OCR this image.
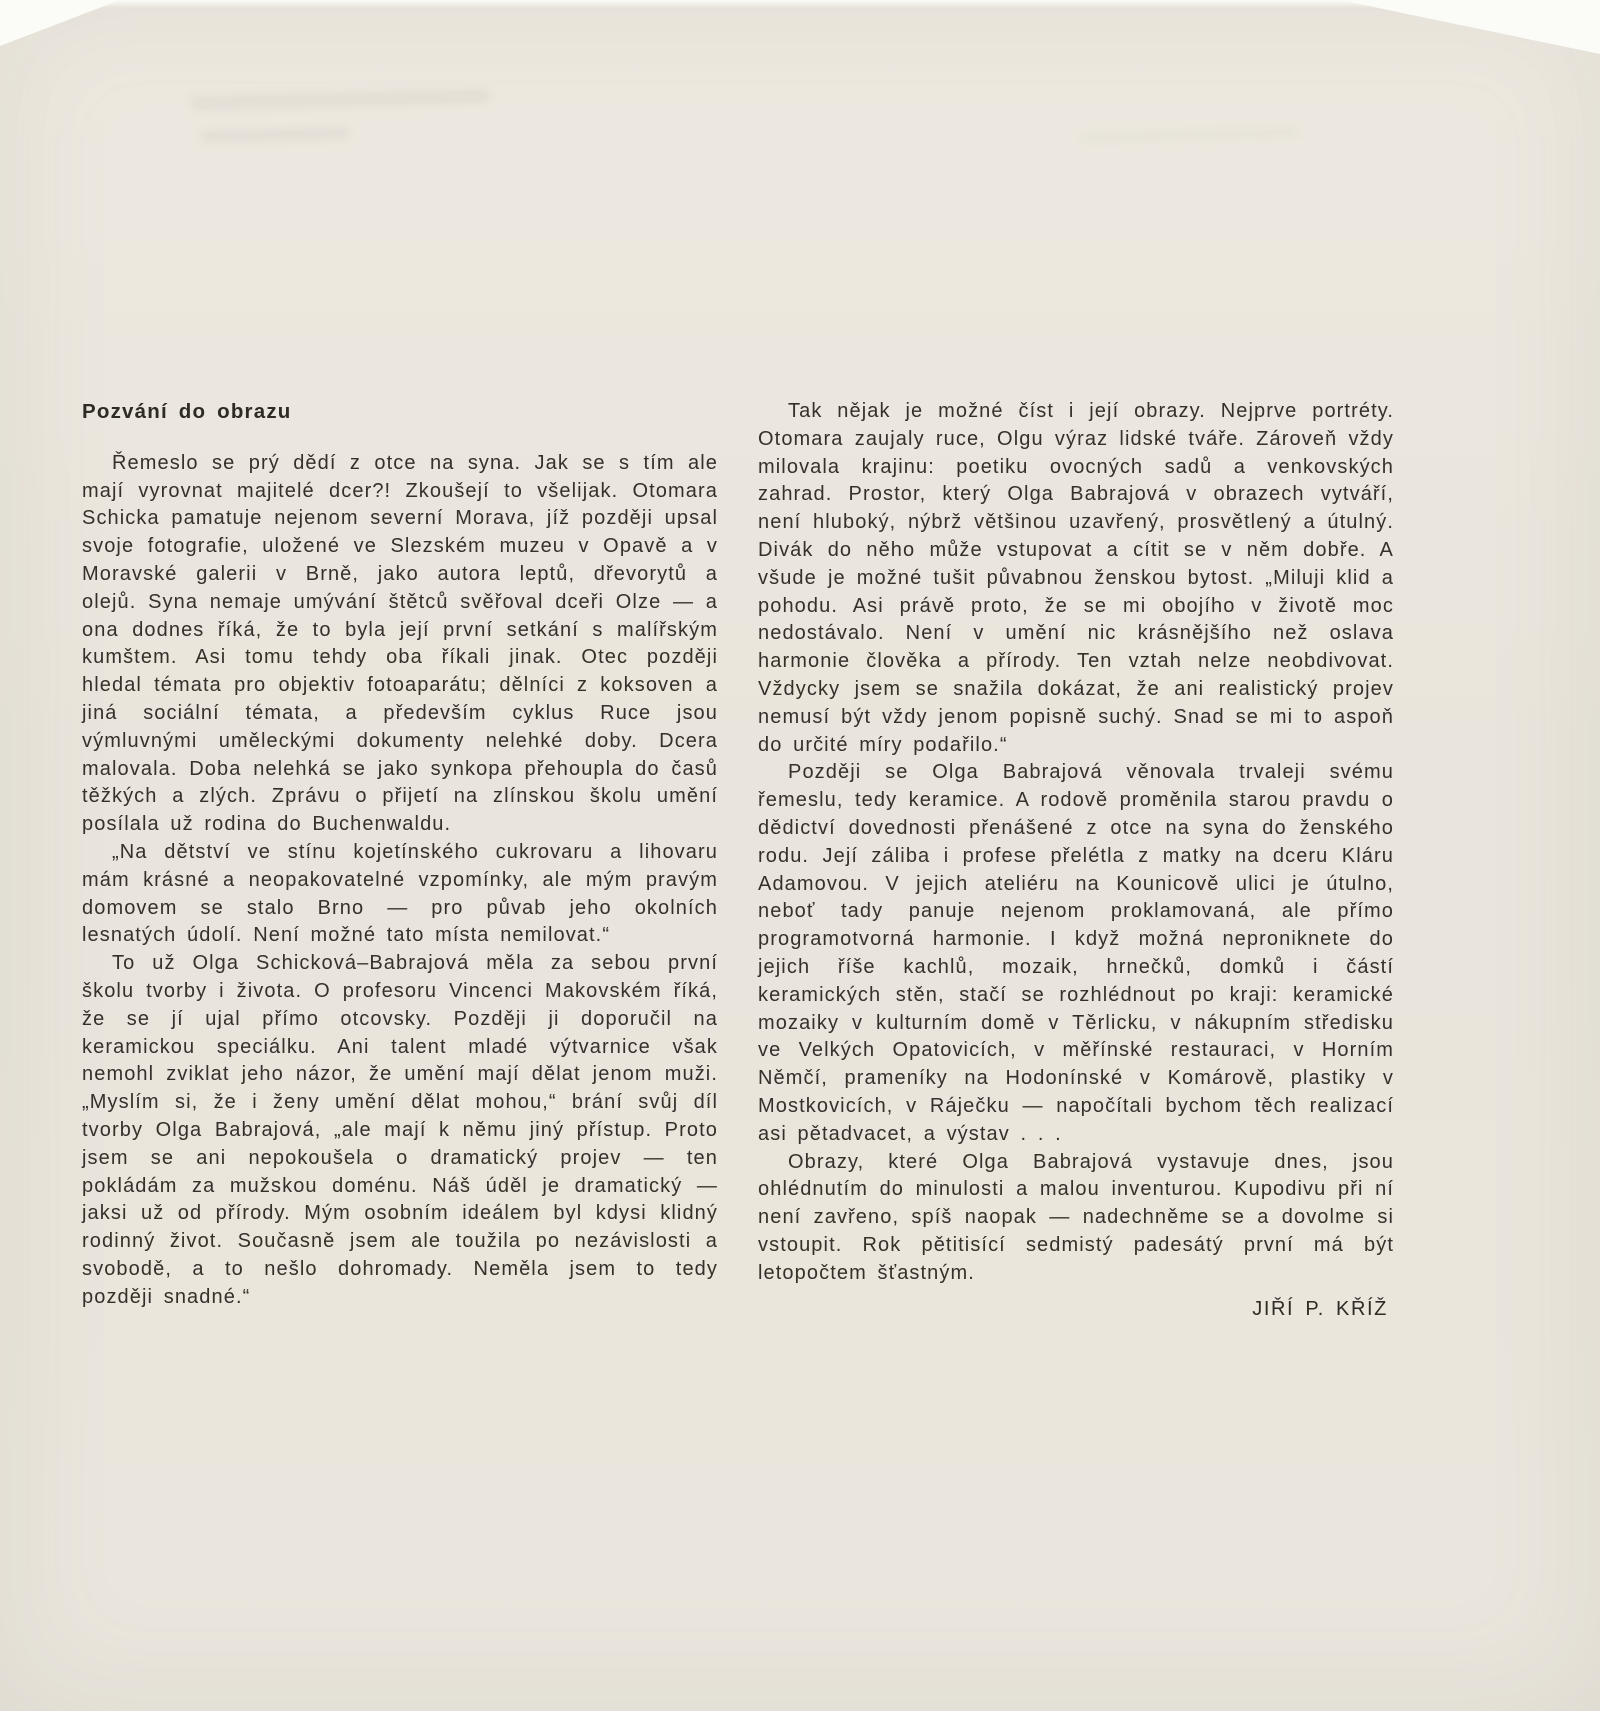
Pozvání do obrazu

Řemeslo se prý dědí z otce na syna. Jak se s tím ale mají vyrovnat majitelé dcer?! Zkoušejí to všelijak. Otomara Schicka pamatuje nejenom severní Morava, jíž později upsal svoje fotografie, uložené ve Slezském muzeu v Opavě a v Moravské galerii v Brně, jako autora leptů, dřevorytů a olejů. Syna nemaje umývání štětců svěřoval dceři Olze — a ona dodnes říká, že to byla její první setkání s malířským kumštem. Asi tomu tehdy oba říkali jinak. Otec později hledal témata pro objektiv fotoaparátu; dělníci z koksoven a jiná sociální témata, a především cyklus Ruce jsou výmluvnými uměleckými dokumenty nelehké doby. Dcera malovala. Doba nelehká se jako synkopa přehoupla do časů těžkých a zlých. Zprávu o přijetí na zlínskou školu umění posílala už rodina do Buchenwaldu.

„Na dětství ve stínu kojetínského cukrovaru a lihovaru mám krásné a neopakovatelné vzpomínky, ale mým pravým domovem se stalo Brno — pro půvab jeho okolních lesnatých údolí. Není možné tato místa nemilovat.“

To už Olga Schicková–Babrajová měla za sebou první školu tvorby i života. O profesoru Vincenci Makovském říká, že se jí ujal přímo otcovsky. Později ji doporučil na keramickou speciálku. Ani talent mladé výtvarnice však nemohl zviklat jeho názor, že umění mají dělat jenom muži. „Myslím si, že i ženy umění dělat mohou,“ brání svůj díl tvorby Olga Babrajová, „ale mají k němu jiný přístup. Proto jsem se ani nepokoušela o dramatický projev — ten pokládám za mužskou doménu. Náš úděl je dramatický — jaksi už od přírody. Mým osobním ideálem byl kdysi klidný rodinný život. Současně jsem ale toužila po nezávislosti a svobodě, a to nešlo dohromady. Neměla jsem to tedy později snadné.“

Tak nějak je možné číst i její obrazy. Nejprve portréty. Otomara zaujaly ruce, Olgu výraz lidské tváře. Zároveň vždy milovala krajinu: poetiku ovocných sadů a venkovských zahrad. Prostor, který Olga Babrajová v obrazech vytváří, není hluboký, nýbrž většinou uzavřený, prosvětlený a útulný. Divák do něho může vstupovat a cítit se v něm dobře. A všude je možné tušit půvabnou ženskou bytost. „Miluji klid a pohodu. Asi právě proto, že se mi obojího v životě moc nedostávalo. Není v umění nic krásnějšího než oslava harmonie člověka a přírody. Ten vztah nelze neobdivovat. Vždycky jsem se snažila dokázat, že ani realistický projev nemusí být vždy jenom popisně suchý. Snad se mi to aspoň do určité míry podařilo.“

Později se Olga Babrajová věnovala trvaleji svému řemeslu, tedy keramice. A rodově proměnila starou pravdu o dědictví dovednosti přenášené z otce na syna do ženského rodu. Její záliba i profese přelétla z matky na dceru Kláru Adamovou. V jejich ateliéru na Kounicově ulici je útulno, neboť tady panuje nejenom proklamovaná, ale přímo programotvorná harmonie. I když možná neproniknete do jejich říše kachlů, mozaik, hrnečků, domků i částí keramických stěn, stačí se rozhlédnout po kraji: keramické mozaiky v kulturním domě v Těrlicku, v nákupním středisku ve Velkých Opatovicích, v měřínské restauraci, v Horním Němčí, prameníky na Hodonínské v Komárově, plastiky v Mostkovicích, v Ráječku — napočítali bychom těch realizací asi pětadvacet, a výstav . . .

Obrazy, které Olga Babrajová vystavuje dnes, jsou ohlédnutím do minulosti a malou inventurou. Kupodivu při ní není zavřeno, spíš naopak — nadechněme se a dovolme si vstoupit. Rok pětitisící sedmistý padesátý první má být letopočtem šťastným.

JIŘÍ P. KŘÍŽ
